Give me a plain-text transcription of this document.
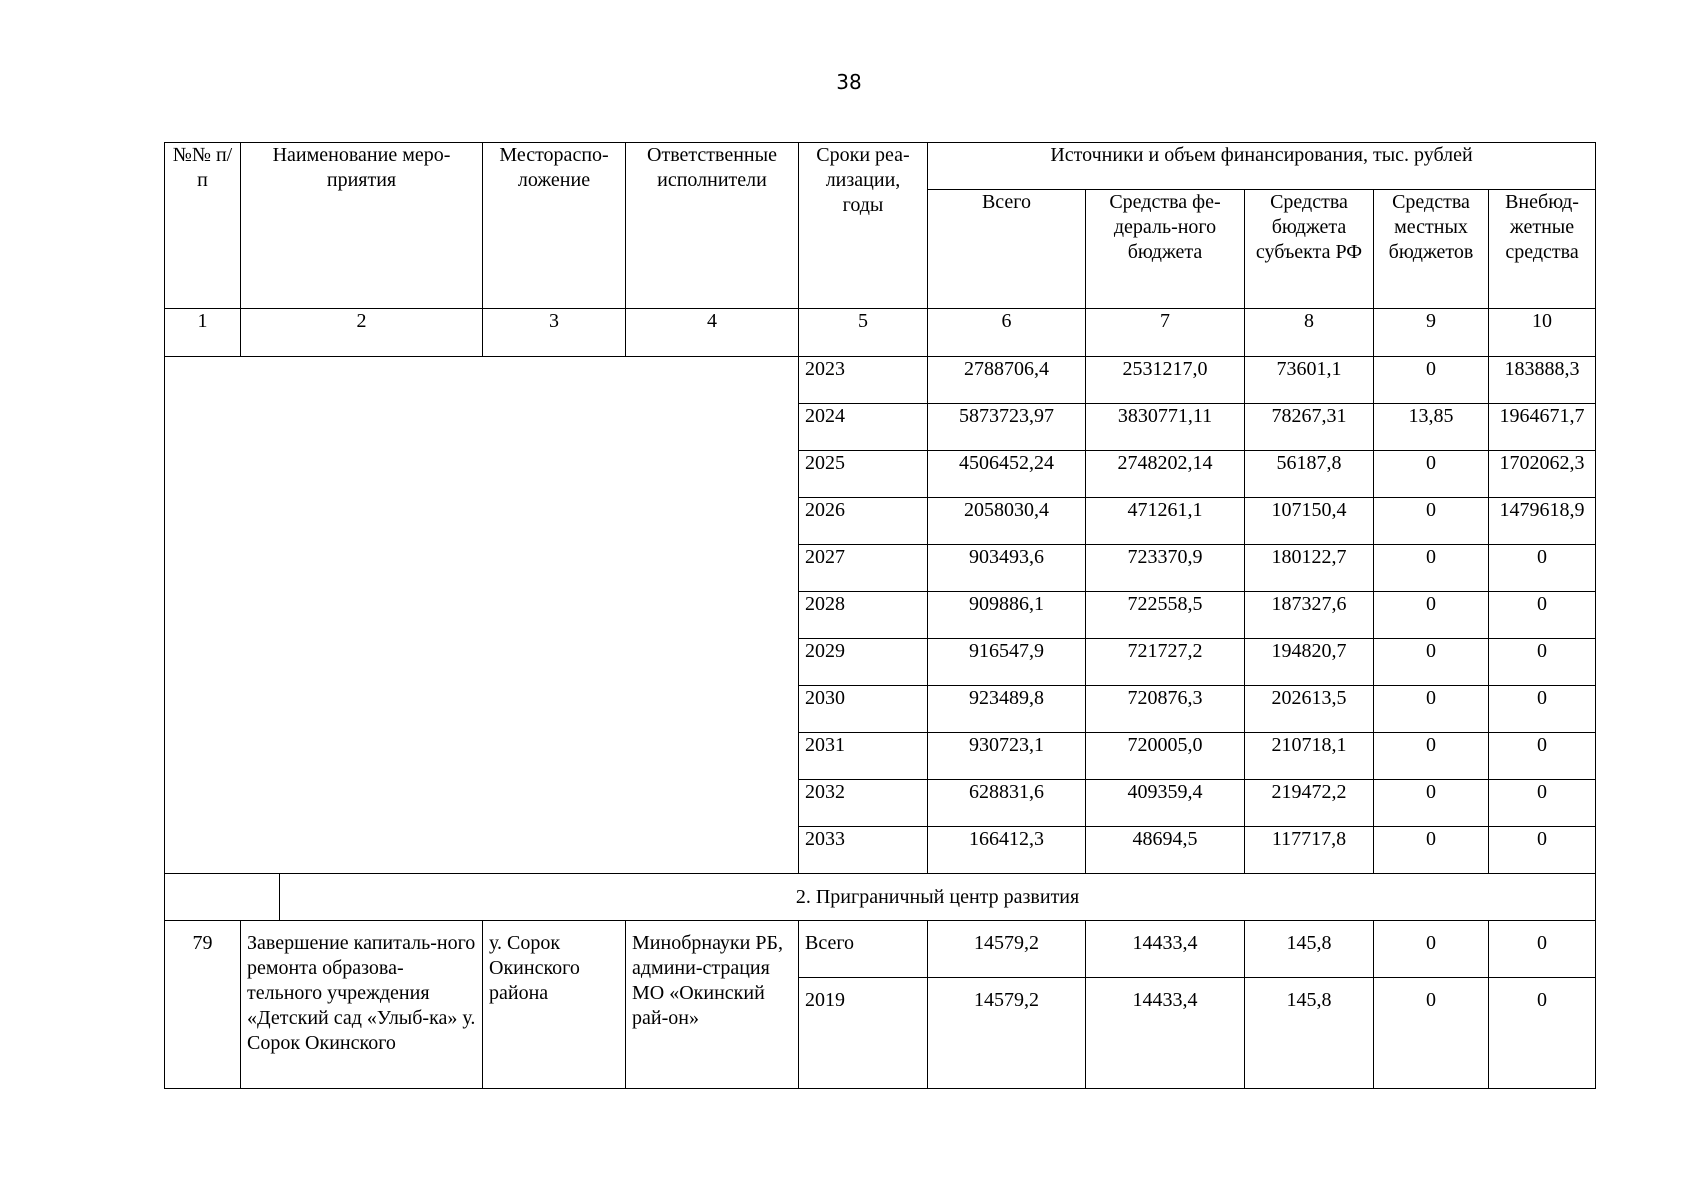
38
№№ п/п	Наименование меро-приятия	Местораспо-ложение	Ответственные исполнители	Сроки реа-лизации, годы	Источники и объем финансирования, тыс. рублей				
					Всего	Средства фе-дераль-ного бюджета	Средства бюджета субъекта РФ	Средства местных бюджетов	Внебюд-жетные средства
1	2	3	4	5	6	7	8	9	10
				2023	2788706,4	2531217,0	73601,1	0	183888,3
				2024	5873723,97	3830771,11	78267,31	13,85	1964671,7
				2025	4506452,24	2748202,14	56187,8	0	1702062,3
				2026	2058030,4	471261,1	107150,4	0	1479618,9
				2027	903493,6	723370,9	180122,7	0	0
				2028	909886,1	722558,5	187327,6	0	0
				2029	916547,9	721727,2	194820,7	0	0
				2030	923489,8	720876,3	202613,5	0	0
				2031	930723,1	720005,0	210718,1	0	0
				2032	628831,6	409359,4	219472,2	0	0
				2033	166412,3	48694,5	117717,8	0	0

2. Приграничный центр развития									

79	Завершение капиталь-ного ремонта образова-тельного учреждения «Детский сад «Улыб-ка» у. Сорок Окинского	у. Сорок Окинского района	Минобрнауки РБ, админи-страция МО «Окинский рай-он»	Всего	14579,2	14433,4	145,8	0	0
				2019	14579,2	14433,4	145,8	0	0
